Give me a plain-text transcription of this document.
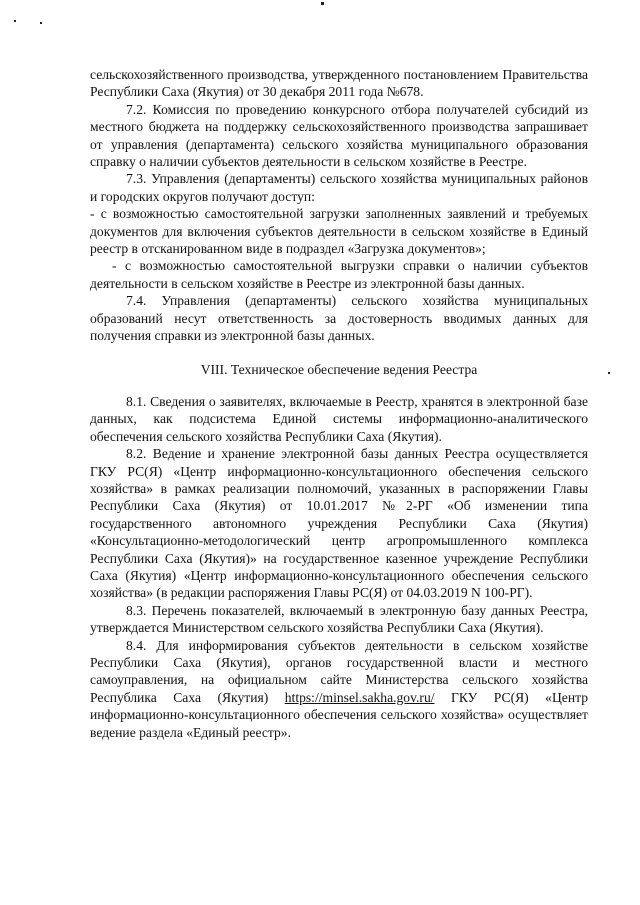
сельскохозяйственного производства, утвержденного постановлением Правительства Республики Саха (Якутия) от 30 декабря 2011 года №678.

7.2. Комиссия по проведению конкурсного отбора получателей субсидий из местного бюджета на поддержку сельскохозяйственного производства запрашивает от управления (департамента) сельского хозяйства муниципального образования справку о наличии субъектов деятельности в сельском хозяйстве в Реестре.

7.3. Управления (департаменты) сельского хозяйства муниципальных районов и городских округов получают доступ:

- с возможностью самостоятельной загрузки заполненных заявлений и требуемых документов для включения субъектов деятельности в сельском хозяйстве в Единый реестр в отсканированном виде в подраздел «Загрузка документов»;

- с возможностью самостоятельной выгрузки справки о наличии субъектов деятельности в сельском хозяйстве в Реестре из электронной базы данных.

7.4. Управления (департаменты) сельского хозяйства муниципальных образований несут ответственность за достоверность вводимых данных для получения справки из электронной базы данных.

VIII. Техническое обеспечение ведения Реестра

8.1. Сведения о заявителях, включаемые в Реестр, хранятся в электронной базе данных, как подсистема Единой системы информационно-аналитического обеспечения сельского хозяйства Республики Саха (Якутия).

8.2. Ведение и хранение электронной базы данных Реестра осуществляется ГКУ РС(Я) «Центр информационно-консультационного обеспечения сельского хозяйства» в рамках реализации полномочий, указанных в распоряжении Главы Республики Саха (Якутия) от 10.01.2017 №2-РГ «Об изменении типа государственного автономного учреждения Республики Саха (Якутия) «Консультационно-методологический центр агропромышленного комплекса Республики Саха (Якутия)» на государственное казенное учреждение Республики Саха (Якутия) «Центр информационно-консультационного обеспечения сельского хозяйства» (в редакции распоряжения Главы РС(Я) от 04.03.2019 N 100-РГ).

8.3. Перечень показателей, включаемый в электронную базу данных Реестра, утверждается Министерством сельского хозяйства Республики Саха (Якутия).

8.4. Для информирования субъектов деятельности в сельском хозяйстве Республики Саха (Якутия), органов государственной власти и местного самоуправления, на официальном сайте Министерства сельского хозяйства Республика Саха (Якутия) https://minsel.sakha.gov.ru/ ГКУ РС(Я) «Центр информационно-консультационного обеспечения сельского хозяйства» осуществляет ведение раздела «Единый реестр».
